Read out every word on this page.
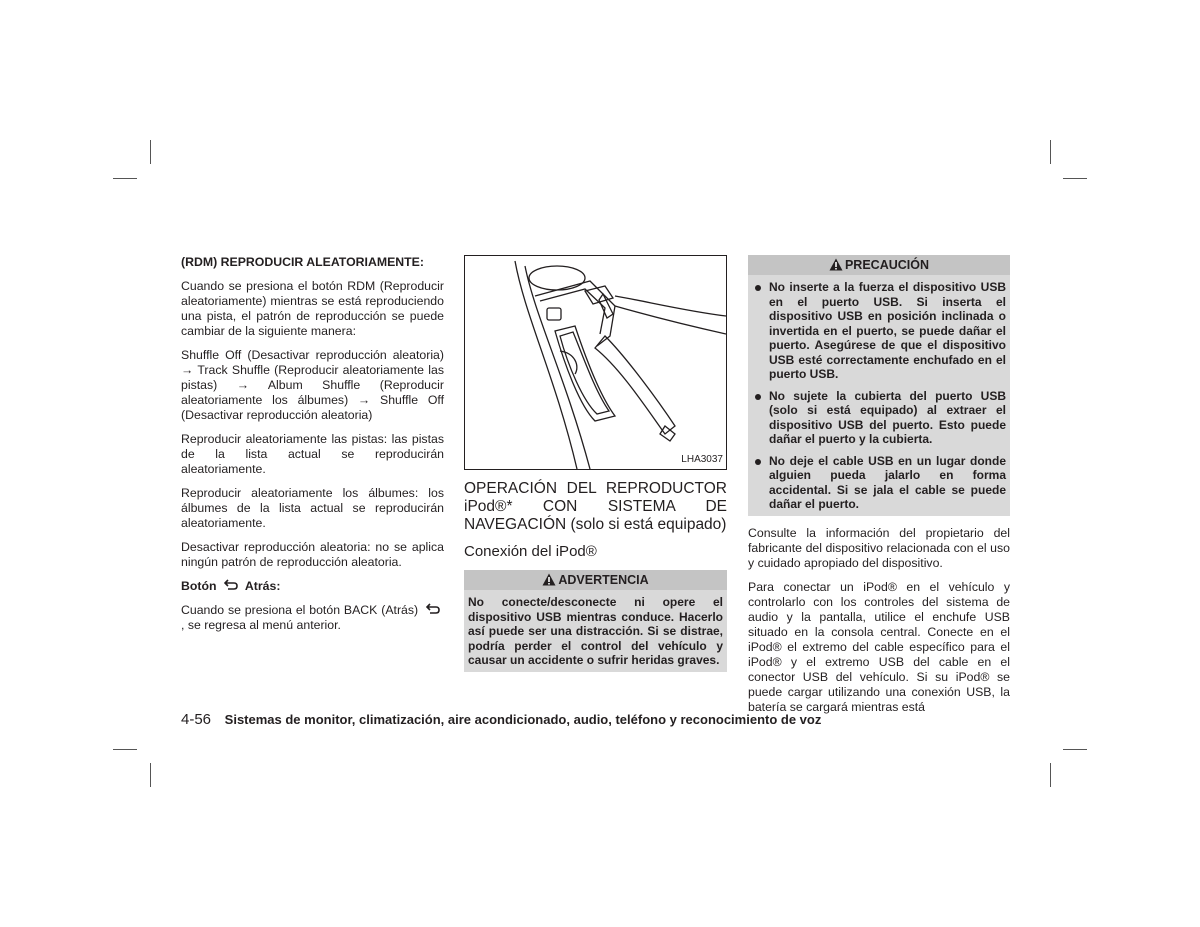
(RDM) REPRODUCIR ALEATORIAMENTE:

Cuando se presiona el botón RDM (Reproducir aleatoriamente) mientras se está reproduciendo una pista, el patrón de reproducción se puede cambiar de la siguiente manera:

Shuffle Off (Desactivar reproducción aleatoria) → Track Shuffle (Reproducir aleatoriamente las pistas) → Album Shuffle (Reproducir aleatoriamente los álbumes) → Shuffle Off (Desactivar reproducción aleatoria)

Reproducir aleatoriamente las pistas: las pistas de la lista actual se reproducirán aleatoriamente.

Reproducir aleatoriamente los álbumes: los álbumes de la lista actual se reproducirán aleatoriamente.

Desactivar reproducción aleatoria: no se aplica ningún patrón de reproducción aleatoria.

Botón Atrás:

Cuando se presiona el botón BACK (Atrás)  , se regresa al menú anterior.

LHA3037

OPERACIÓN DEL REPRODUCTOR iPod®* CON SISTEMA DE NAVEGACIÓN (solo si está equipado)

Conexión del iPod®

ADVERTENCIA
No conecte/desconecte ni opere el dispositivo USB mientras conduce. Hacerlo así puede ser una distracción. Si se distrae, podría perder el control del vehículo y causar un accidente o sufrir heridas graves.
PRECAUCIÓN
No inserte a la fuerza el dispositivo USB en el puerto USB. Si inserta el dispositivo USB en posición inclinada o invertida en el puerto, se puede dañar el puerto. Asegúrese de que el dispositivo USB esté correctamente enchufado en el puerto USB.
No sujete la cubierta del puerto USB (solo si está equipado) al extraer el dispositivo USB del puerto. Esto puede dañar el puerto y la cubierta.
No deje el cable USB en un lugar donde alguien pueda jalarlo en forma accidental. Si se jala el cable se puede dañar el puerto.

Consulte la información del propietario del fabricante del dispositivo relacionada con el uso y cuidado apropiado del dispositivo.

Para conectar un iPod® en el vehículo y controlarlo con los controles del sistema de audio y la pantalla, utilice el enchufe USB situado en la consola central. Conecte en el iPod® el extremo del cable específico para el iPod® y el extremo USB del cable en el conector USB del vehículo. Si su iPod® se puede cargar utilizando una conexión USB, la batería se cargará mientras está

4-56 Sistemas de monitor, climatización, aire acondicionado, audio, teléfono y reconocimiento de voz
